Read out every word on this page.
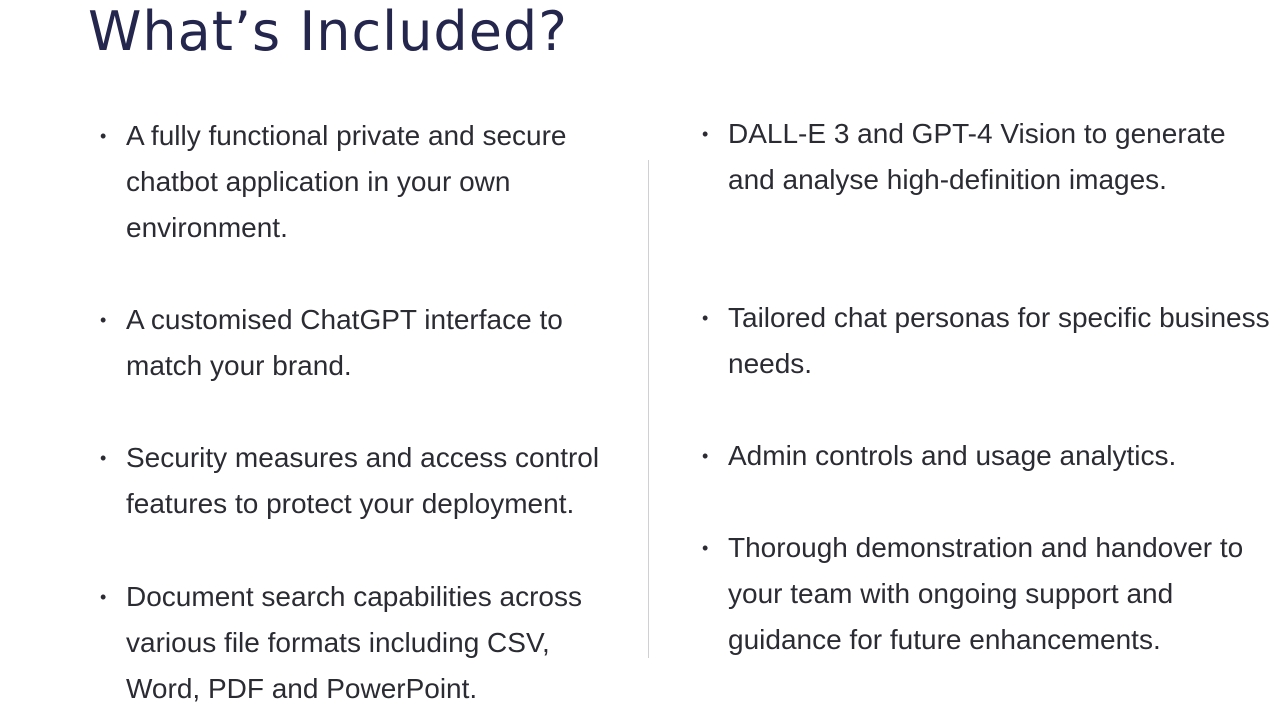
What’s Included?
• A fully functional private and secure chatbot application in your own environment.
• A customised ChatGPT interface to match your brand.
• Security measures and access control features to protect your deployment.
• Document search capabilities across various file formats including CSV, Word, PDF and PowerPoint.
• DALL-E 3 and GPT-4 Vision to generate and analyse high-definition images.
• Tailored chat personas for specific business needs.
• Admin controls and usage analytics.
• Thorough demonstration and handover to your team with ongoing support and guidance for future enhancements.
